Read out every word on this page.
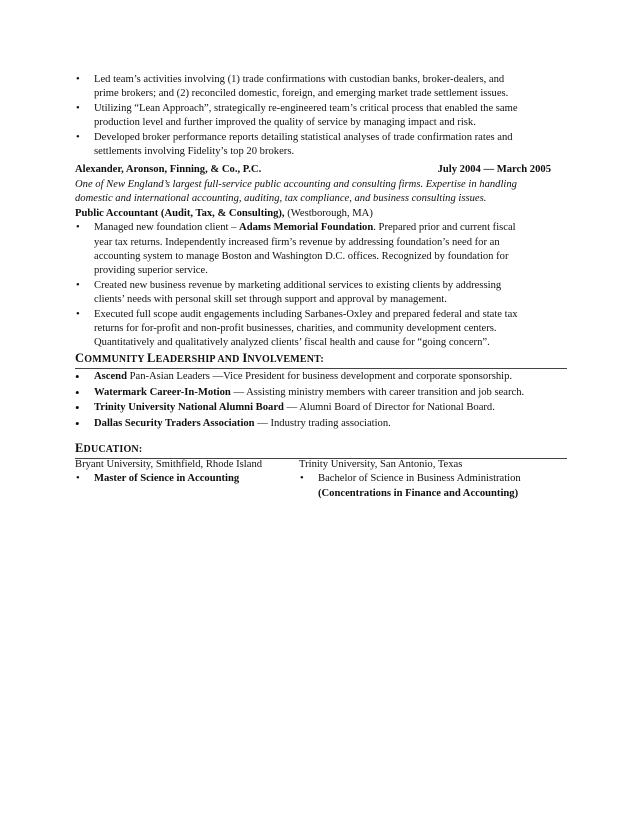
• Led team’s activities involving (1) trade confirmations with custodian banks, broker-dealers, and
prime brokers; and (2) reconciled domestic, foreign, and emerging market trade settlement issues.
• Utilizing “Lean Approach”, strategically re-engineered team’s critical process that enabled the same
production level and further improved the quality of service by managing impact and risk.
• Developed broker performance reports detailing statistical analyses of trade confirmation rates and
settlements involving Fidelity’s top 20 brokers.
Alexander, Aronson, Finning, & Co., P.C.	July 2004 — March 2005
One of New England’s largest full-service public accounting and consulting firms. Expertise in handling
domestic and international accounting, auditing, tax compliance, and business consulting issues.
Public Accountant (Audit, Tax, & Consulting), (Westborough, MA)
• Managed new foundation client – Adams Memorial Foundation. Prepared prior and current fiscal
year tax returns. Independently increased firm’s revenue by addressing foundation’s need for an
accounting system to manage Boston and Washington D.C. offices. Recognized by foundation for
providing superior service.
• Created new business revenue by marketing additional services to existing clients by addressing
clients’ needs with personal skill set through support and approval by management.
• Executed full scope audit engagements including Sarbanes-Oxley and prepared federal and state tax
returns for for-profit and non-profit businesses, charities, and community development centers.
Quantitatively and qualitatively analyzed clients’ fiscal health and cause for “going concern”.
COMMUNITY LEADERSHIP AND INVOLVEMENT:
• Ascend Pan-Asian Leaders —Vice President for business development and corporate sponsorship.
• Watermark Career-In-Motion — Assisting ministry members with career transition and job search.
• Trinity University National Alumni Board — Alumni Board of Director for National Board.
• Dallas Security Traders Association — Industry trading association.
EDUCATION:
Bryant University, Smithfield, Rhode Island
• Master of Science in Accounting
Trinity University, San Antonio, Texas
• Bachelor of Science in Business Administration
(Concentrations in Finance and Accounting)
